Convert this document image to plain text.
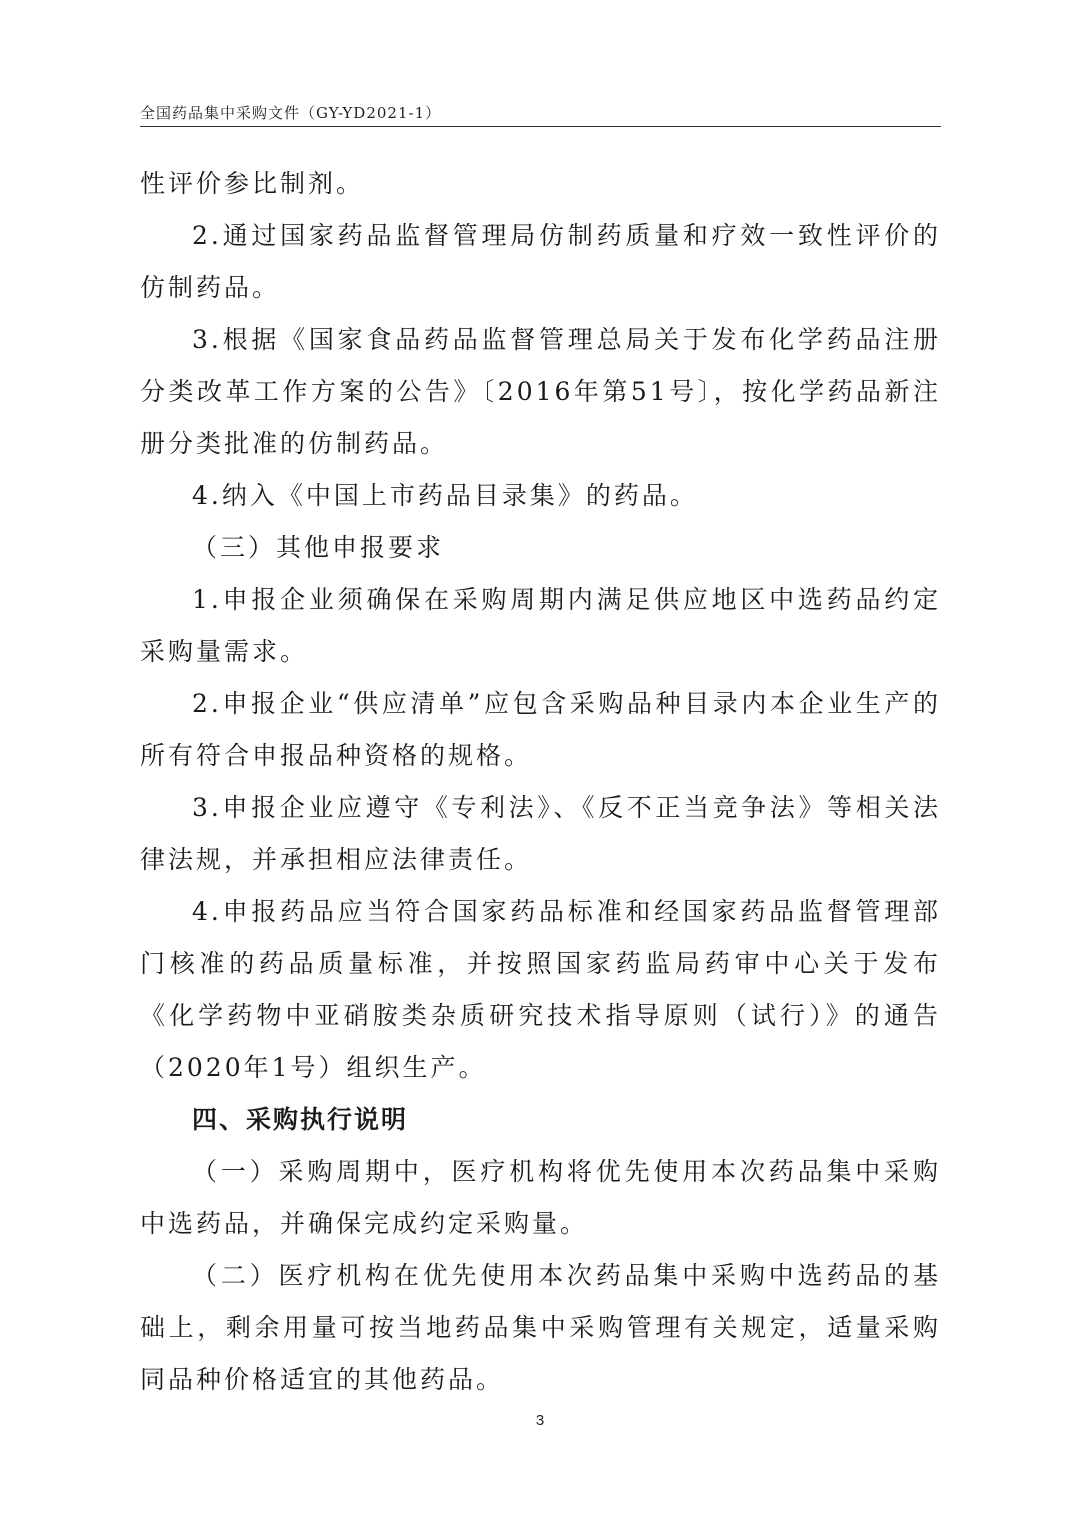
全国药品集中采购文件（GY-YD2021-1）

性评价参比制剂。

2.通过国家药品监督管理局仿制药质量和疗效一致性评价的仿制药品。

3.根据《国家食品药品监督管理总局关于发布化学药品注册分类改革工作方案的公告》〔2016年第51号〕，按化学药品新注册分类批准的仿制药品。

4.纳入《中国上市药品目录集》的药品。

（三）其他申报要求

1.申报企业须确保在采购周期内满足供应地区中选药品约定采购量需求。

2.申报企业“供应清单”应包含采购品种目录内本企业生产的所有符合申报品种资格的规格。

3.申报企业应遵守《专利法》、《反不正当竞争法》等相关法律法规，并承担相应法律责任。

4.申报药品应当符合国家药品标准和经国家药品监督管理部门核准的药品质量标准，并按照国家药监局药审中心关于发布《化学药物中亚硝胺类杂质研究技术指导原则（试行）》的通告（2020年1号）组织生产。

四、采购执行说明

（一）采购周期中，医疗机构将优先使用本次药品集中采购中选药品，并确保完成约定采购量。

（二）医疗机构在优先使用本次药品集中采购中选药品的基础上，剩余用量可按当地药品集中采购管理有关规定，适量采购同品种价格适宜的其他药品。

3
